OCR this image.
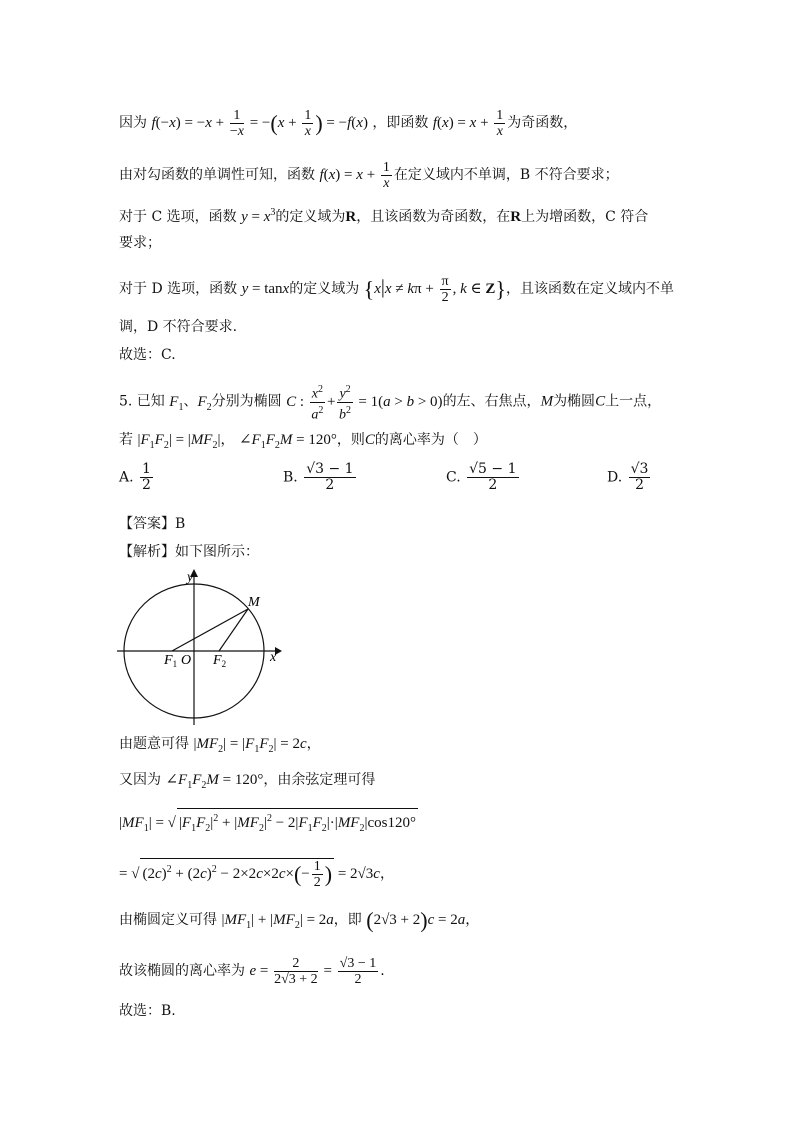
因为 $f(-x) = -x + \frac{1}{-x} = -(x + \frac{1}{x}$ ) = −f(x) ，即函数 $f(x) = x + \frac{1}{x}$ 为奇函数，
由对勾函数的单调性可知，函数 $f(x) = x + \frac{1}{x}$ 在定义域内不单调，B 不符合要求；
对于 C 选项，函数 $y = x^3$的定义域为R，且该函数为奇函数，在R上为增函数，C 符合
要求；
对于 D 选项，函数 y = tanx的定义域为 {$x|x \ne k\pi + \frac{\pi}{2}$ , k ∈ Z}，且该函数在定义域内不单
调，D 不符合要求.
故选：C.
5. 已知 $F_1$、$F_2$分别为椭圆 C : $\frac{x^2}{a^2} + \frac{y^2}{b^2} = 1(a > b > 0)$的左、右焦点，M为椭圆C上一点，
若 $|F_1F_2| = |MF_2|$， $\angle F_1F_2M = 120^\circ$，则C的离心率为（　）
A. $\frac{1}{2}$	B. $\frac{√3 - 1}{2}$	C. $\frac{√5 - 1}{2}$	D. $\frac{√3}{2}$
【答案】B
【解析】如下图所示：
y
x
O
$F_1$	$F_2$
M
由题意可得 $|MF_2| = |F_1F_2| = 2c$，
又因为 $\angle F_1F_2M = 120^\circ$，由余弦定理可得
$|MF_1|$ = √ $|F_1F_2|^2 + |MF_2|^2 - 2|F_1F_2|\cdot|MF_2|\cos 120^\circ$
= √ $(2c)^2 + (2c)^2 - 2\times 2c\times 2c\times(- \frac{1}{2}$ ) = 2√3c，
由椭圆定义可得 $|MF_1| + |MF_2| = 2a$，即 (2√3 + 2)c = 2a，
故该椭圆的离心率为 $e = \frac{2}{2√3 + 2} = \frac{√3 - 1}{2}$ .
故选：B.
